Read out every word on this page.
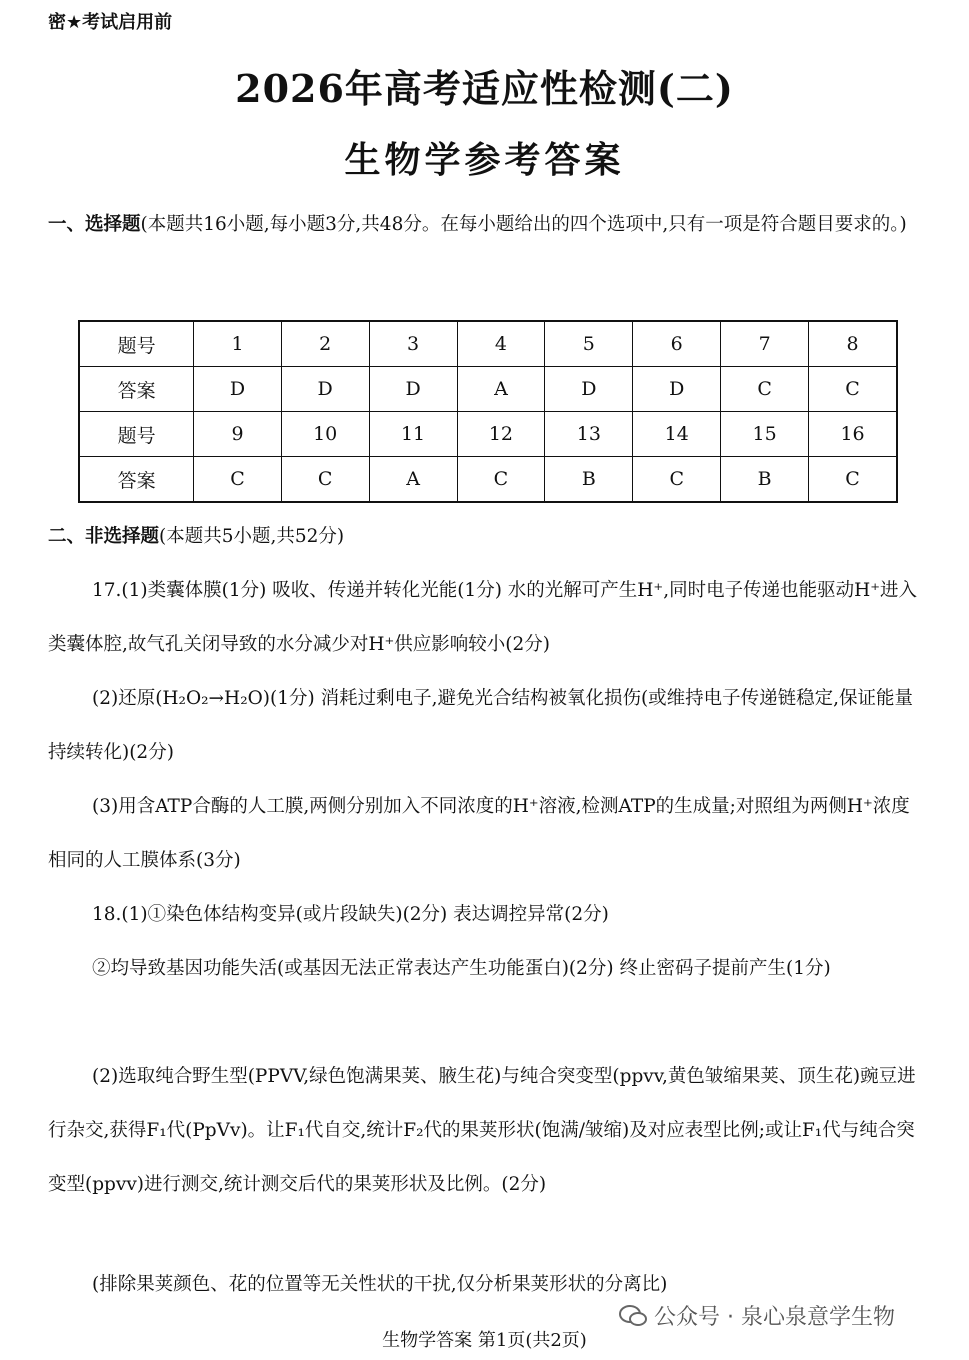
密★考试启用前
2026年高考适应性检测(二)
生物学参考答案
一、选择题(本题共16小题,每小题3分,共48分。在每小题给出的四个选项中,只有一项是符合题目要求的。)
题号	1	2	3	4	5	6	7	8
答案	D	D	D	A	D	D	C	C
题号	9	10	11	12	13	14	15	16
答案	C	C	A	C	B	C	B	C
二、非选择题(本题共5小题,共52分)
17.(1)类囊体膜(1分) 吸收、传递并转化光能(1分) 水的光解可产生H⁺,同时电子传递也能驱动H⁺进入类囊体腔,故气孔关闭导致的水分减少对H⁺供应影响较小(2分)
(2)还原(H₂O₂→H₂O)(1分) 消耗过剩电子,避免光合结构被氧化损伤(或维持电子传递链稳定,保证能量持续转化)(2分)
(3)用含ATP合酶的人工膜,两侧分别加入不同浓度的H⁺溶液,检测ATP的生成量;对照组为两侧H⁺浓度相同的人工膜体系(3分)
18.(1)①染色体结构变异(或片段缺失)(2分) 表达调控异常(2分)
②均导致基因功能失活(或基因无法正常表达产生功能蛋白)(2分) 终止密码子提前产生(1分)
(2)选取纯合野生型(PPVV,绿色饱满果荚、腋生花)与纯合突变型(ppvv,黄色皱缩果荚、顶生花)豌豆进行杂交,获得F₁代(PpVv)。让F₁代自交,统计F₂代的果荚形状(饱满/皱缩)及对应表型比例;或让F₁代与纯合突变型(ppvv)进行测交,统计测交后代的果荚形状及比例。(2分)
(排除果荚颜色、花的位置等无关性状的干扰,仅分析果荚形状的分离比)
公众号 · 泉心泉意学生物
生物学答案 第1页(共2页)
